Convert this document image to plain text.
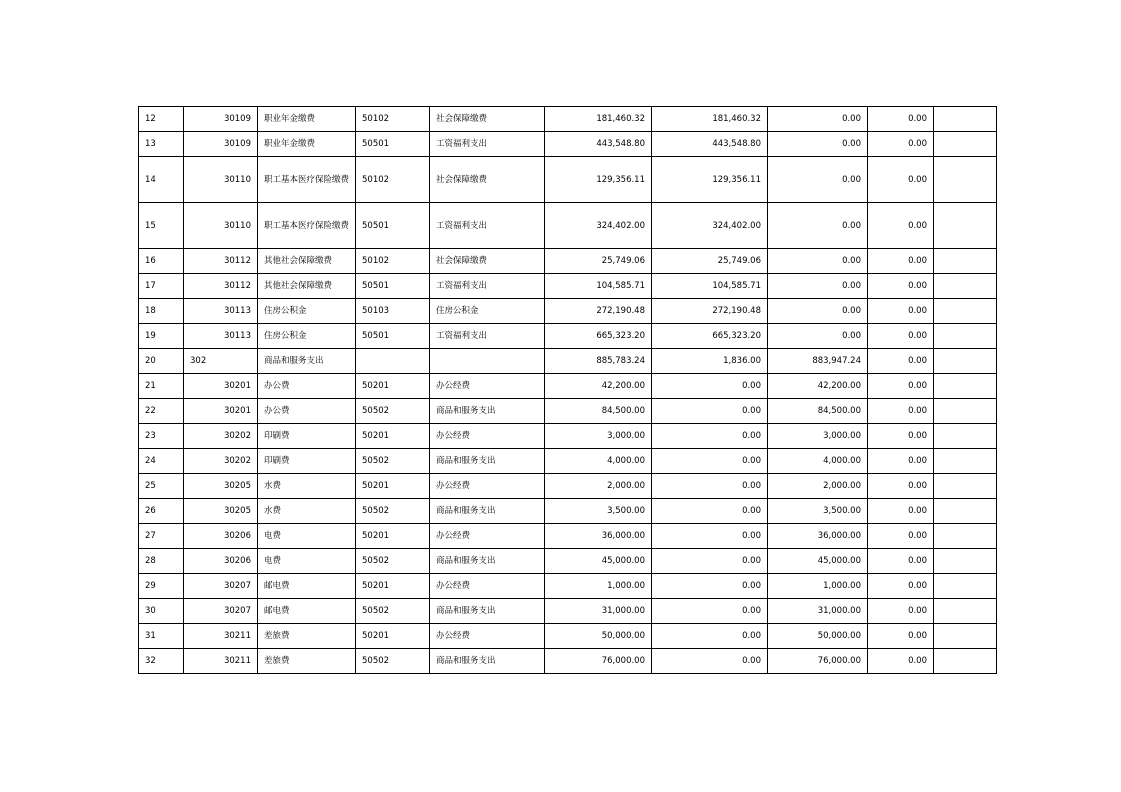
12	30109	职业年金缴费	50102	社会保障缴费	181,460.32	181,460.32	0.00	0.00	
13	30109	职业年金缴费	50501	工资福利支出	443,548.80	443,548.80	0.00	0.00	
14	30110	职工基本医疗保险缴费	50102	社会保障缴费	129,356.11	129,356.11	0.00	0.00	
15	30110	职工基本医疗保险缴费	50501	工资福利支出	324,402.00	324,402.00	0.00	0.00	
16	30112	其他社会保障缴费	50102	社会保障缴费	25,749.06	25,749.06	0.00	0.00	
17	30112	其他社会保障缴费	50501	工资福利支出	104,585.71	104,585.71	0.00	0.00	
18	30113	住房公积金	50103	住房公积金	272,190.48	272,190.48	0.00	0.00	
19	30113	住房公积金	50501	工资福利支出	665,323.20	665,323.20	0.00	0.00	
20	302	商品和服务支出			885,783.24	1,836.00	883,947.24	0.00	
21	30201	办公费	50201	办公经费	42,200.00	0.00	42,200.00	0.00	
22	30201	办公费	50502	商品和服务支出	84,500.00	0.00	84,500.00	0.00	
23	30202	印刷费	50201	办公经费	3,000.00	0.00	3,000.00	0.00	
24	30202	印刷费	50502	商品和服务支出	4,000.00	0.00	4,000.00	0.00	
25	30205	水费	50201	办公经费	2,000.00	0.00	2,000.00	0.00	
26	30205	水费	50502	商品和服务支出	3,500.00	0.00	3,500.00	0.00	
27	30206	电费	50201	办公经费	36,000.00	0.00	36,000.00	0.00	
28	30206	电费	50502	商品和服务支出	45,000.00	0.00	45,000.00	0.00	
29	30207	邮电费	50201	办公经费	1,000.00	0.00	1,000.00	0.00	
30	30207	邮电费	50502	商品和服务支出	31,000.00	0.00	31,000.00	0.00	
31	30211	差旅费	50201	办公经费	50,000.00	0.00	50,000.00	0.00	
32	30211	差旅费	50502	商品和服务支出	76,000.00	0.00	76,000.00	0.00	
